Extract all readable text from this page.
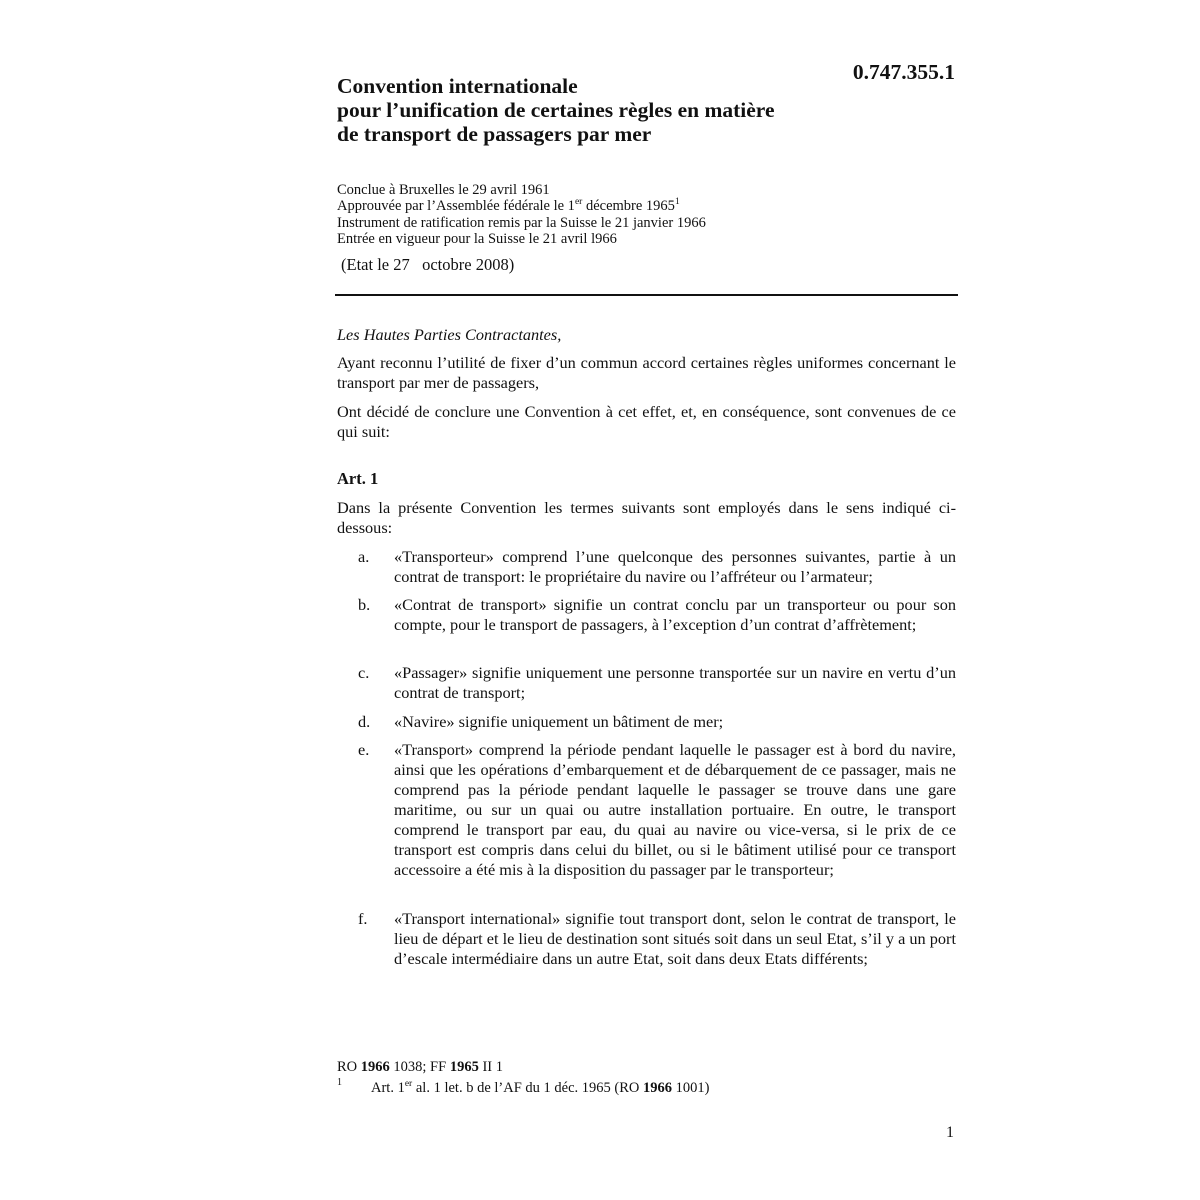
0.747.355.1
Convention internationale
pour l’unification de certaines règles en matière
de transport de passagers par mer
Conclue à Bruxelles le 29 avril 1961
Approuvée par l’Assemblée fédérale le 1er décembre 1965$^1$
Instrument de ratification remis par la Suisse le 21 janvier 1966
Entrée en vigueur pour la Suisse le 21 avril l966
(Etat le 27   octobre 2008)
Les Hautes Parties Contractantes,
Ayant reconnu l’utilité de fixer d’un commun accord certaines règles uniformes concernant le transport par mer de passagers,
Ont décidé de conclure une Convention à cet effet, et, en conséquence, sont convenues de ce qui suit:
Art. 1
Dans la présente Convention les termes suivants sont employés dans le sens indiqué ci-dessous:
a. «Transporteur» comprend l’une quelconque des personnes suivantes, partie à un contrat de transport: le propriétaire du navire ou l’affréteur ou l’armateur;
b. «Contrat de transport» signifie un contrat conclu par un transporteur ou pour son compte, pour le transport de passagers, à l’exception d’un contrat d’affrètement;
c. «Passager» signifie uniquement une personne transportée sur un navire en vertu d’un contrat de transport;
d. «Navire» signifie uniquement un bâtiment de mer;
e. «Transport» comprend la période pendant laquelle le passager est à bord du navire, ainsi que les opérations d’embarquement et de débarquement de ce passager, mais ne comprend pas la période pendant laquelle le passager se trouve dans une gare maritime, ou sur un quai ou autre installation portuaire. En outre, le transport comprend le transport par eau, du quai au navire ou vice-versa, si le prix de ce transport est compris dans celui du billet, ou si le bâtiment utilisé pour ce transport accessoire a été mis à la disposition du passager par le transporteur;
f. «Transport international» signifie tout transport dont, selon le contrat de transport, le lieu de départ et le lieu de destination sont situés soit dans un seul Etat, s’il y a un port d’escale intermédiaire dans un autre Etat, soit dans deux Etats différents;
RO 1966 1038; FF 1965 II 1
1 Art. 1er al. 1 let. b de l’AF du 1 déc. 1965 (RO 1966 1001)
1
